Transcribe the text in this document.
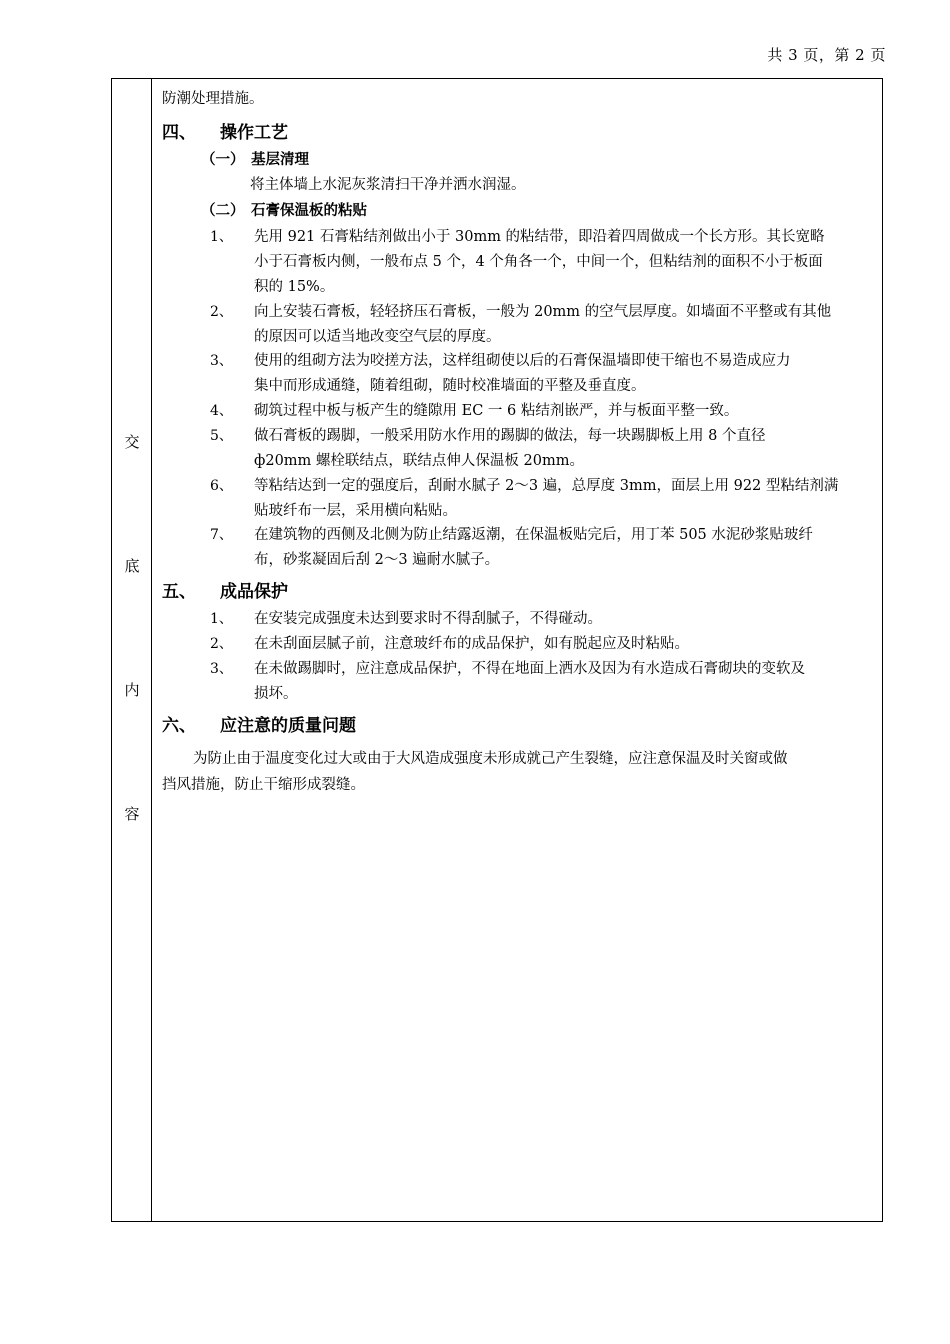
共 3 页，第 2 页
交
底
内
容
防潮处理措施。
四、 操作工艺
（一） 基层清理
将主体墙上水泥灰浆清扫干净并洒水润湿。
（二） 石膏保温板的粘贴
1、 先用 921 石膏粘结剂做出小于 30mm 的粘结带，即沿着四周做成一个长方形。其长宽略
小于石膏板内侧，一般布点 5 个，4 个角各一个，中间一个，但粘结剂的面积不小于板面
积的 15%。
2、 向上安装石膏板，轻轻挤压石膏板，一般为 20mm 的空气层厚度。如墙面不平整或有其他
的原因可以适当地改变空气层的厚度。
3、 使用的组砌方法为咬搓方法，这样组砌使以后的石膏保温墙即使干缩也不易造成应力
集中而形成通缝，随着组砌，随时校准墙面的平整及垂直度。
4、 砌筑过程中板与板产生的缝隙用 EC 一 6 粘结剂嵌严，并与板面平整一致。
5、 做石膏板的踢脚，一般采用防水作用的踢脚的做法，每一块踢脚板上用 8 个直径
ф20mm 螺栓联结点，联结点伸人保温板 20mm。
6、 等粘结达到一定的强度后，刮耐水腻子 2～3 遍，总厚度 3mm，面层上用 922 型粘结剂满
贴玻纤布一层，采用横向粘贴。
7、 在建筑物的西侧及北侧为防止结露返潮，在保温板贴完后，用丁苯 505 水泥砂浆贴玻纤
布，砂浆凝固后刮 2～3 遍耐水腻子。
五、 成品保护
1、 在安装完成强度未达到要求时不得刮腻子，不得碰动。
2、 在未刮面层腻子前，注意玻纤布的成品保护，如有脱起应及时粘贴。
3、 在未做踢脚时，应注意成品保护，不得在地面上洒水及因为有水造成石膏砌块的变软及
损坏。
六、 应注意的质量问题
为防止由于温度变化过大或由于大风造成强度未形成就己产生裂缝，应注意保温及时关窗或做
挡风措施，防止干缩形成裂缝。
